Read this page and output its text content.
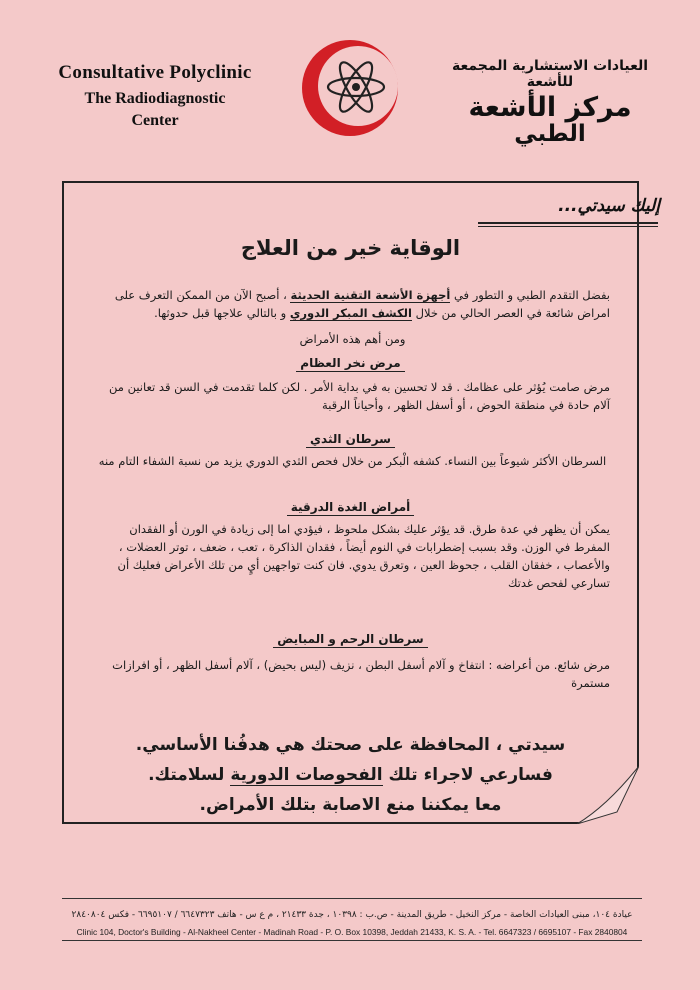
Consultative Polyclinic
The Radiodiagnostic
Center
العيادات الاستشارية المجمعة للأشعة
مركز الأشعة
الطبي
إليك سيدتي...
الوقاية خير من العلاج
بفضل التقدم الطبي و التطور في أجهزة الأشعة التقنية الحديثة ، أصبح الآن من الممكن التعرف على امراض شائعة في العصر الحالي من خلال الكشف المبكر الدوري و بالتالي علاجها قبل حدوثها.
ومن أهم هذه الأمراض
مرض نخر العظام
مرض صامت يُؤثر على عظامك . قد لا تحسين به في بداية الأمر . لكن كلما تقدمت في السن قد تعانين من آلام حادة في منطقة الحوض ، أو أسفل الظهر ، وأحياناً الرقبة
سرطان الثدي
السرطان الأكثر شيوعاً بين النساء. كشفه الْبكر من خلال فحص الثدي الدوري يزيد من نسبة الشفاء التام منه
أمراض الغدة الدرقية
يمكن أن يظهر في عدة طرق. قد يؤثر عليك بشكل ملحوظ ، فيؤدي اما إلى زيادة في الورن أو الفقدان المفرط في الوزن. وقد بسبب إضطرابات في النوم أيضاً ، فقدان الذاكرة ، تعب ، ضعف ، توتر العضلات ، والأعصاب ، خفقان القلب ، جحوظ العين ، وتعرق يدوي. فان كنت تواجهين أيٍ من تلك الأعراض فعليك أن تسارعي لفحص غدتك
سرطان الرحم و المبايض
مرض شائع. من أعراضه : انتفاخ و آلام أسفل البطن ، نزيف (ليس بحيض) ، آلام أسفل الظهر ، أو افرازات مستمرة
سيدتي ، المحافظة على صحتك هي هدفُنا الأساسي.
فسارعي لاجراء تلك الفحوصات الدورية لسلامتك.
معا يمكننا منع الاصابة بتلك الأمراض.
عيادة ١٠٤، مبنى العيادات الخاصة - مركز النخيل - طريق المدينة - ص.ب : ١٠٣٩٨ ، جدة ٢١٤٣٣ ، م ع س - هاتف ٦٦٤٧٣٢٣ / ٦٦٩٥١٠٧ - فكس ٢٨٤٠٨٠٤
Clinic 104, Doctor's Building - Al-Nakheel Center - Madinah Road - P. O. Box 10398, Jeddah 21433, K. S. A. - Tel. 6647323 / 6695107 - Fax 2840804
